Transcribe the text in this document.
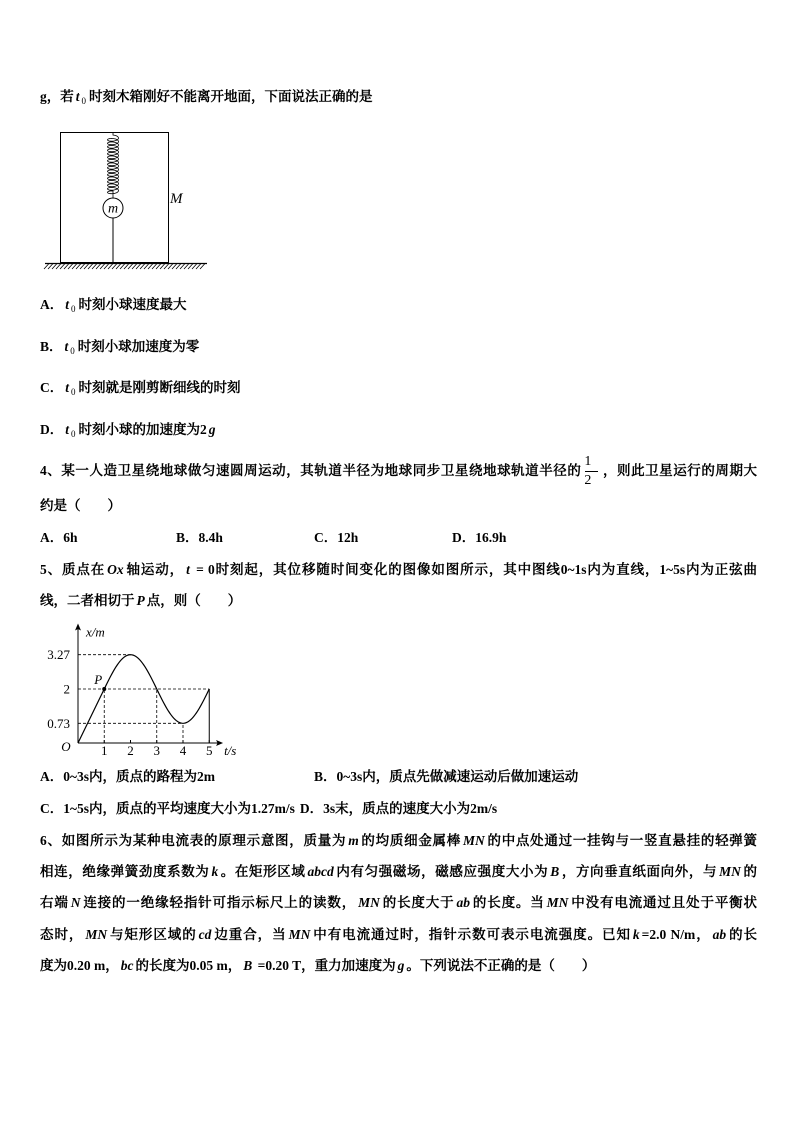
g，若 t $_0$ 时刻木箱刚好不能离开地面，下面说法正确的是
m
M
A． t $_0$ 时刻小球速度最大
B． t $_0$ 时刻小球加速度为零
C． t $_0$ 时刻就是刚剪断细线的时刻
D． t $_0$ 时刻小球的加速度为2 g
4、某一人造卫星绕地球做匀速圆周运动，其轨道半径为地球同步卫星绕地球轨道半径的 $\frac{1}{2}$ ，则此卫星运行的周期大
约是（　　）
A．6h	B．8.4h	C．12h	D．16.9h
5、质点在 Ox 轴运动， t = 0时刻起，其位移随时间变化的图像如图所示，其中图线0~1s内为直线，1~5s内为正弦曲
线，二者相切于 P 点，则（　　）
1 2 3 4 5
3.27
2
0.73
P
O	t/s
x/m
A．0~3s内，质点的路程为2m	B．0~3s内，质点先做减速运动后做加速运动
C．1~5s内，质点的平均速度大小为1.27m/s D．3s末，质点的速度大小为2m/s
6、如图所示为某种电流表的原理示意图，质量为 m 的均质细金属棒 MN 的中点处通过一挂钩与一竖直悬挂的轻弹簧
相连，绝缘弹簧劲度系数为 k 。在矩形区域 abcd 内有匀强磁场，磁感应强度大小为 B ，方向垂直纸面向外，与 MN 的
右端 N 连接的一绝缘轻指针可指示标尺上的读数， MN 的长度大于 ab 的长度。当 MN 中没有电流通过且处于平衡状
态时， MN 与矩形区域的 cd 边重合，当 MN 中有电流通过时，指针示数可表示电流强度。已知 k =2.0 N/m， ab 的长
度为0.20 m， bc 的长度为0.05 m， B =0.20 T，重力加速度为 g 。下列说法不正确的是（　　）
